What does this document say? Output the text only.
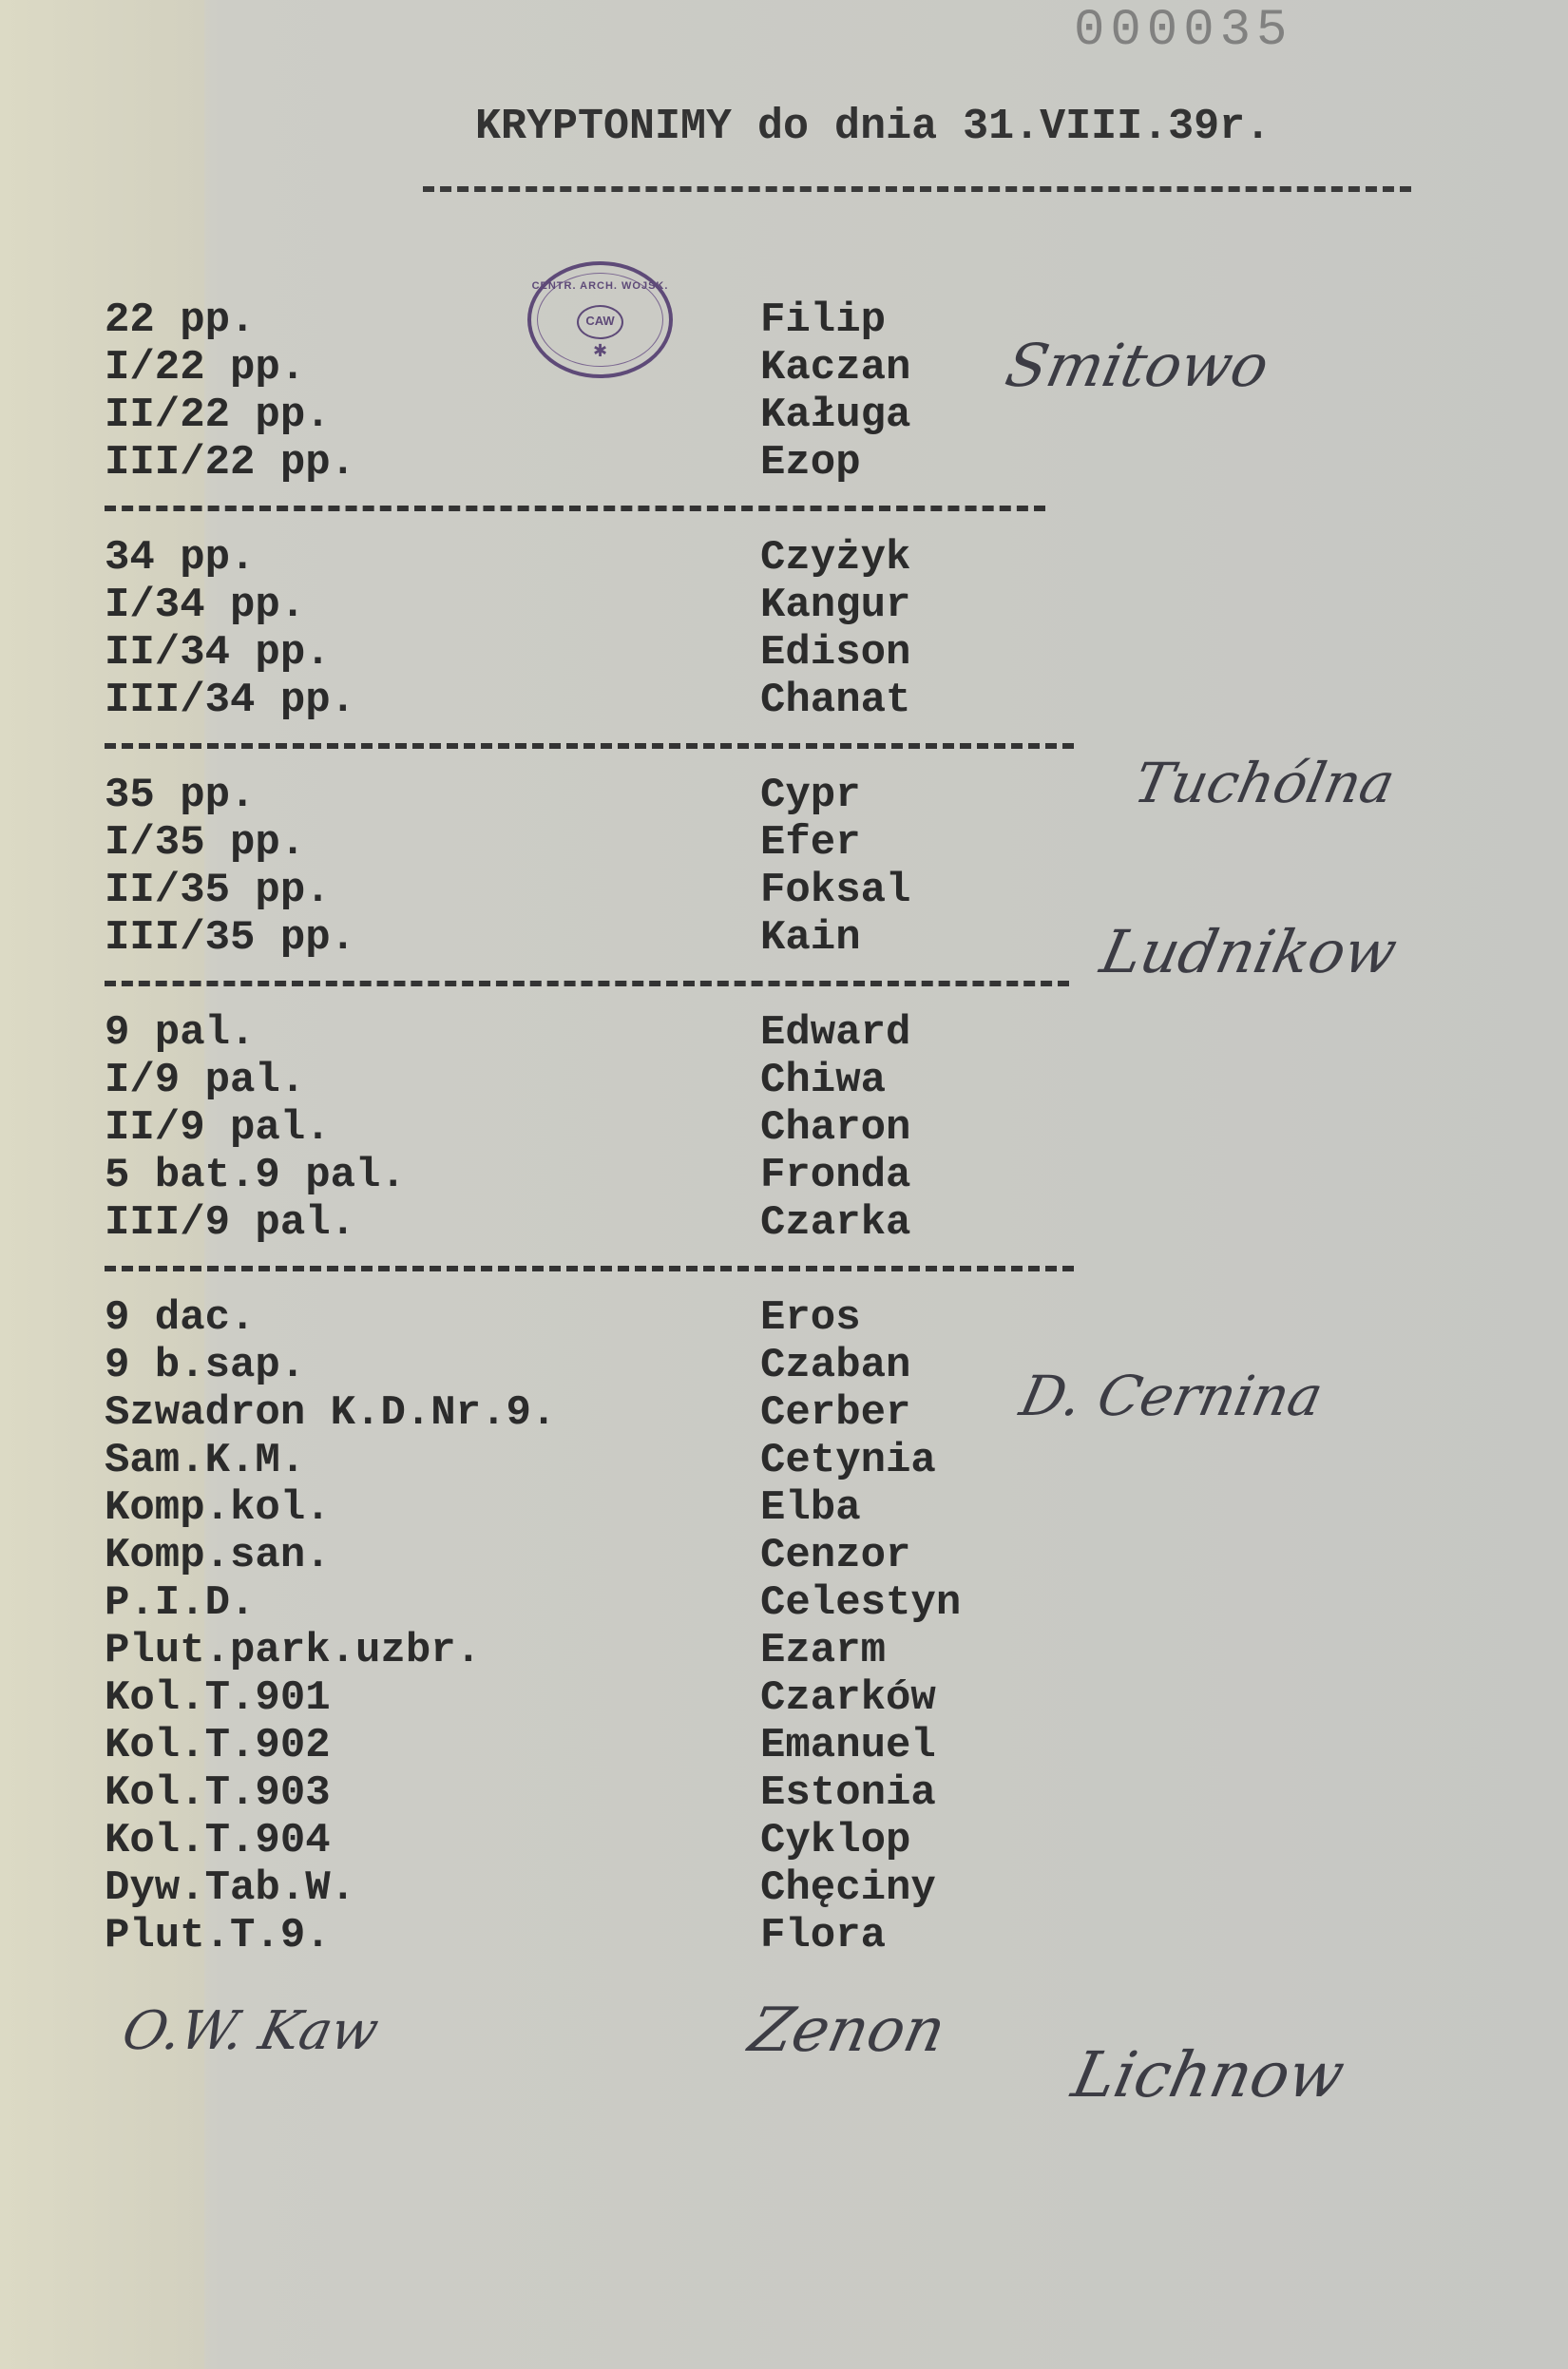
000035
KRYPTONIMY do dnia 31.VIII.39r.
CENTR. ARCH. WOJSK.
CAW
✱
22 pp.	Filip
I/22 pp.	Kaczan
II/22 pp.	Kaługa
III/22 pp.	Ezop
34 pp.	Czyżyk
I/34 pp.	Kangur
II/34 pp.	Edison
III/34 pp.	Chanat
35 pp.	Cypr
I/35 pp.	Efer
II/35 pp.	Foksal
III/35 pp.	Kain
9 pal.	Edward
I/9 pal.	Chiwa
II/9 pal.	Charon
5 bat.9 pal.	Fronda
III/9 pal.	Czarka
9 dac.	Eros
9 b.sap.	Czaban
Szwadron K.D.Nr.9.	Cerber
Sam.K.M.	Cetynia
Komp.kol.	Elba
Komp.san.	Cenzor
P.I.D.	Celestyn
Plut.park.uzbr.	Ezarm
Kol.T.901	Czarków
Kol.T.902	Emanuel
Kol.T.903	Estonia
Kol.T.904	Cyklop
Dyw.Tab.W.	Chęciny
Plut.T.9.	Flora
Smitowo
Tuchólna
Ludnikow
D. Cernina
O.W. Kaw	Zenon
Lichnow
